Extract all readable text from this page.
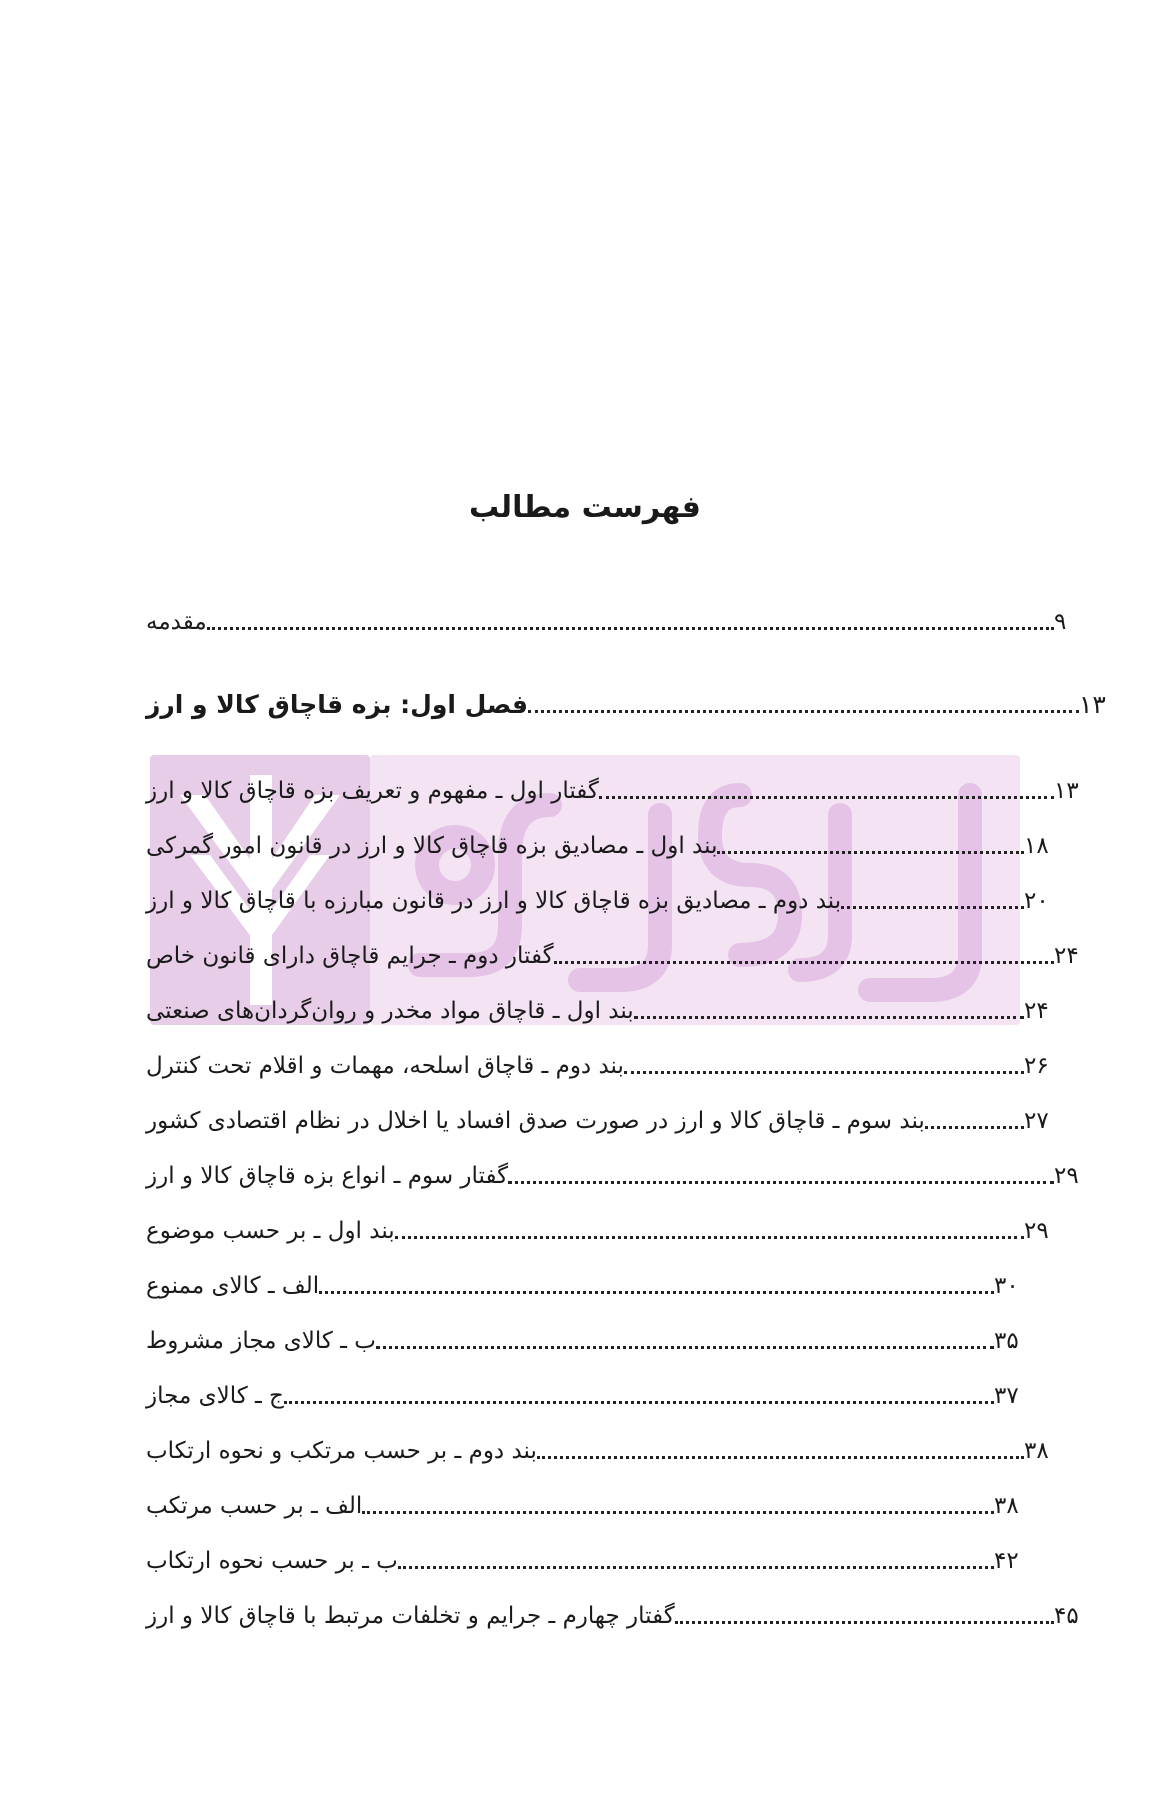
فهرست مطالب
مقدمه	۹
فصل اول: بزه قاچاق کالا و ارز	۱۳
گفتار اول ـ مفهوم و تعریف بزه قاچاق کالا و ارز	۱۳
بند اول ـ مصادیق بزه قاچاق کالا و ارز در قانون امور گمرکی	۱۸
بند دوم ـ مصادیق بزه قاچاق کالا و ارز در قانون مبارزه با قاچاق کالا و ارز	۲۰
گفتار دوم ـ جرایم قاچاق دارای قانون خاص	۲۴
بند اول ـ قاچاق مواد مخدر و روان‌گردان‌های صنعتی	۲۴
بند دوم ـ قاچاق اسلحه، مهمات و اقلام تحت کنترل	۲۶
بند سوم ـ قاچاق کالا و ارز در صورت صدق افساد یا اخلال در نظام اقتصادی کشور	۲۷
گفتار سوم ـ انواع بزه قاچاق کالا و ارز	۲۹
بند اول ـ بر حسب موضوع	۲۹
الف ـ کالای ممنوع	۳۰
ب ـ کالای مجاز مشروط	۳۵
ج ـ کالای مجاز	۳۷
بند دوم ـ بر حسب مرتکب و نحوه ارتکاب	۳۸
الف ـ بر حسب مرتکب	۳۸
ب ـ بر حسب نحوه ارتکاب	۴۲
گفتار چهارم ـ جرایم و تخلفات مرتبط با قاچاق کالا و ارز	۴۵
